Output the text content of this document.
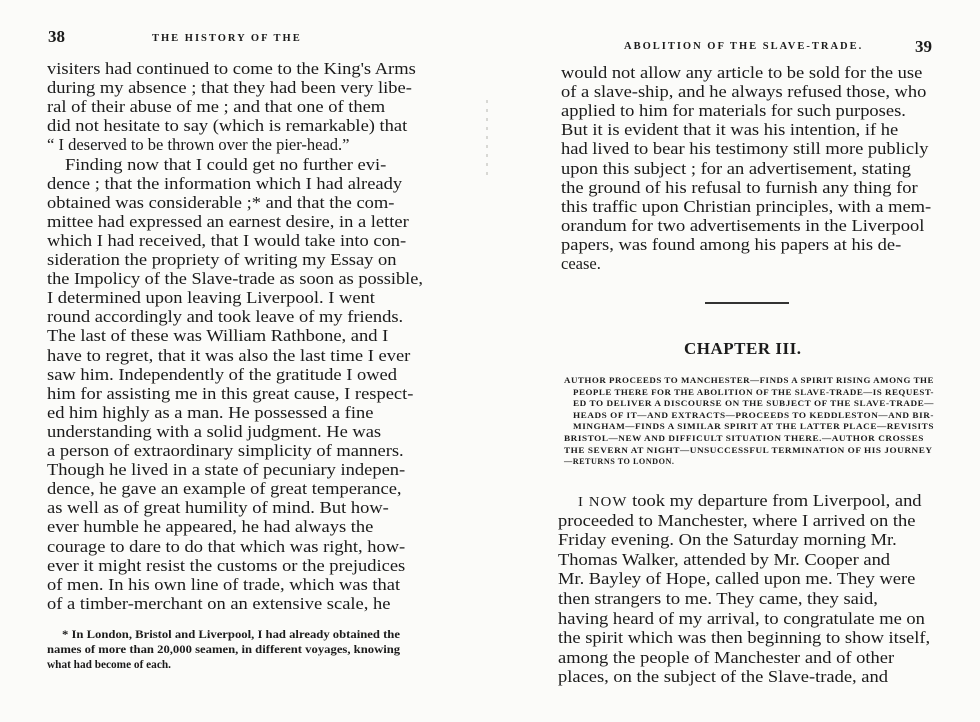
38	THE HISTORY OF THE
visiters had continued to come to the King's Arms
during my absence ; that they had been very libe-
ral of their abuse of me ; and that one of them
did not hesitate to say (which is remarkable) that
“ I deserved to be thrown over the pier-head.”
Finding now that I could get no further evi-
dence ; that the information which I had already
obtained was considerable ;* and that the com-
mittee had expressed an earnest desire, in a letter
which I had received, that I would take into con-
sideration the propriety of writing my Essay on
the Impolicy of the Slave-trade as soon as possible,
I determined upon leaving Liverpool. I went
round accordingly and took leave of my friends.
The last of these was William Rathbone, and I
have to regret, that it was also the last time I ever
saw him. Independently of the gratitude I owed
him for assisting me in this great cause, I respect-
ed him highly as a man. He possessed a fine
understanding with a solid judgment. He was
a person of extraordinary simplicity of manners.
Though he lived in a state of pecuniary indepen-
dence, he gave an example of great temperance,
as well as of great humility of mind. But how-
ever humble he appeared, he had always the
courage to dare to do that which was right, how-
ever it might resist the customs or the prejudices
of men. In his own line of trade, which was that
of a timber-merchant on an extensive scale, he
* In London, Bristol and Liverpool, I had already obtained the
names of more than 20,000 seamen, in different voyages, knowing
what had become of each.
ABOLITION OF THE SLAVE-TRADE.	39
would not allow any article to be sold for the use
of a slave-ship, and he always refused those, who
applied to him for materials for such purposes.
But it is evident that it was his intention, if he
had lived to bear his testimony still more publicly
upon this subject ; for an advertisement, stating
the ground of his refusal to furnish any thing for
this traffic upon Christian principles, with a mem-
orandum for two advertisements in the Liverpool
papers, was found among his papers at his de-
cease.
CHAPTER III.
AUTHOR PROCEEDS TO MANCHESTER—FINDS A SPIRIT RISING AMONG THE
PEOPLE THERE FOR THE ABOLITION OF THE SLAVE-TRADE—IS REQUEST-
ED TO DELIVER A DISCOURSE ON THE SUBJECT OF THE SLAVE-TRADE—
HEADS OF IT—AND EXTRACTS—PROCEEDS TO KEDDLESTON—AND BIR-
MINGHAM—FINDS A SIMILAR SPIRIT AT THE LATTER PLACE—REVISITS
BRISTOL—NEW AND DIFFICULT SITUATION THERE.—AUTHOR CROSSES
THE SEVERN AT NIGHT—UNSUCCESSFUL TERMINATION OF HIS JOURNEY
—RETURNS TO LONDON.
I NOW took my departure from Liverpool, and
proceeded to Manchester, where I arrived on the
Friday evening. On the Saturday morning Mr.
Thomas Walker, attended by Mr. Cooper and
Mr. Bayley of Hope, called upon me. They were
then strangers to me. They came, they said,
having heard of my arrival, to congratulate me on
the spirit which was then beginning to show itself,
among the people of Manchester and of other
places, on the subject of the Slave-trade, and
